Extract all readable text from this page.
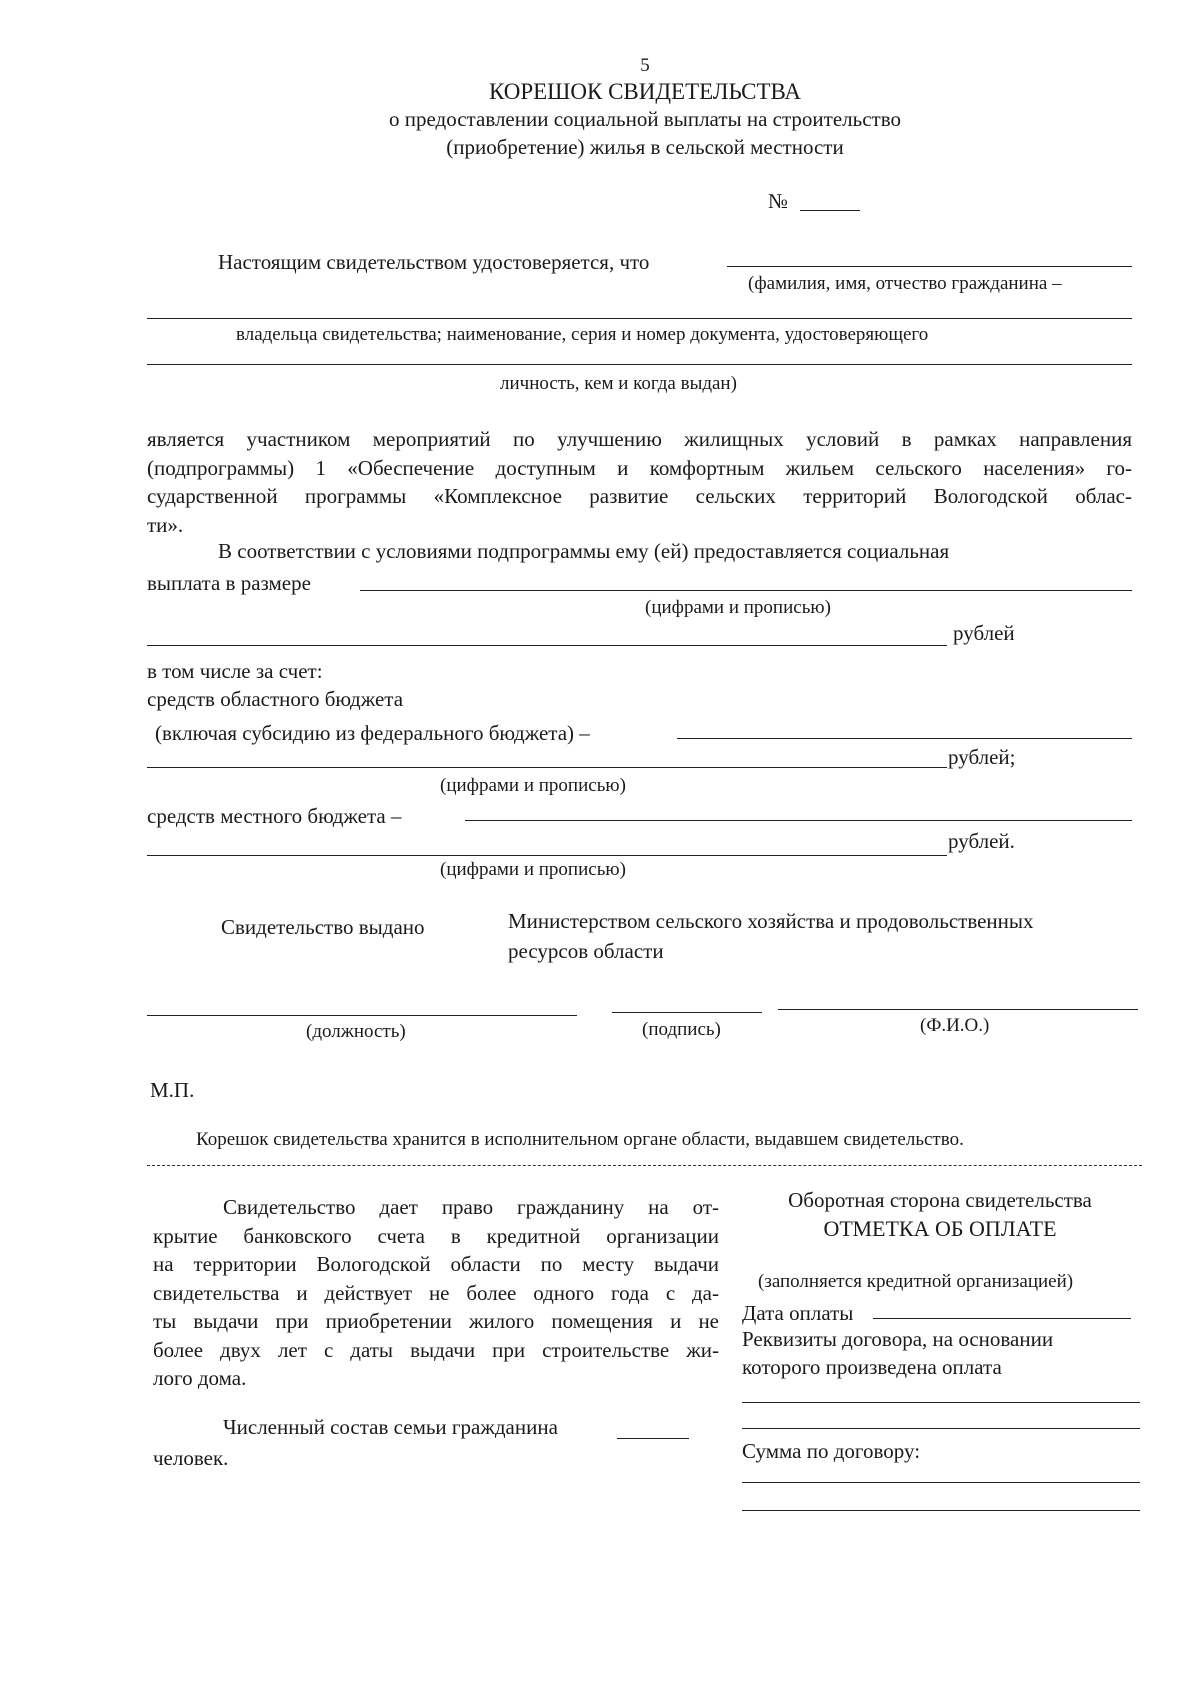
5
КОРЕШОК СВИДЕТЕЛЬСТВА
о предоставлении социальной выплаты на строительство
(приобретение) жилья в сельской местности
№
Настоящим свидетельством удостоверяется, что
(фамилия, имя, отчество гражданина –
владельца свидетельства; наименование, серия и номер документа, удостоверяющего
личность, кем и когда выдан)

является участником мероприятий по улучшению жилищных условий в рамках направления

(подпрограммы) 1 «Обеспечение доступным и комфортным жильем сельского населения» го-

сударственной программы «Комплексное развитие сельских территорий Вологодской облас-

ти».

В соответствии с условиями подпрограммы ему (ей) предоставляется социальная
выплата в размере
(цифрами и прописью)
рублей
в том числе за счет:
средств областного бюджета
(включая субсидию из федерального бюджета) –
рублей;
(цифрами и прописью)
средств местного бюджета –
рублей.
(цифрами и прописью)
Свидетельство выдано	Министерством сельского хозяйства и продовольственных
ресурсов области
(должность)	(подпись)	(Ф.И.О.)
М.П.
Корешок свидетельства хранится в исполнительном органе области, выдавшем свидетельство.

Свидетельство дает право гражданину на от-

крытие банковского счета в кредитной организации

на территории Вологодской области по месту выдачи

свидетельства и действует не более одного года с да-

ты выдачи при приобретении жилого помещения и не

более двух лет с даты выдачи при строительстве жи-

лого дома.

Численный состав семьи гражданина
человек.
Оборотная сторона свидетельства
ОТМЕТКА ОБ ОПЛАТЕ
(заполняется кредитной организацией)
Дата оплаты
Реквизиты договора, на основании
которого произведена оплата
Сумма по договору:
